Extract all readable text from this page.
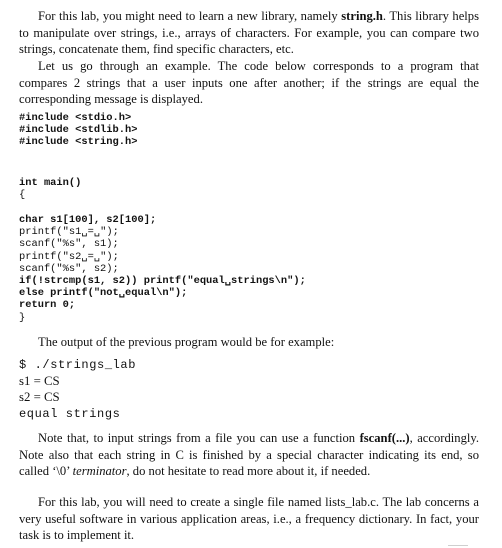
For this lab, you might need to learn a new library, namely string.h. This library helps to manipulate over strings, i.e., arrays of characters. For example, you can compare two strings, concatenate them, find specific characters, etc.

Let us go through an example. The code below corresponds to a program that compares 2 strings that a user inputs one after another; if the strings are equal the corresponding message is displayed.

#include <stdio.h>
#include <stdlib.h>
#include <string.h>
int main()
{
char s1[100], s2[100];
printf("s1␣=␣");
scanf("%s", s1);
printf("s2␣=␣");
scanf("%s", s2);
if(!strcmp(s1, s2)) printf("equal␣strings\n");
else printf("not␣equal\n");
return 0;
}

The output of the previous program would be for example:

$ ./strings_lab
s1 = CS
s2 = CS
equal strings

Note that, to input strings from a file you can use a function fscanf(...), accordingly. Note also that each string in C is finished by a special character indicating its end, so called ‘\0’ terminator, do not hesitate to read more about it, if needed.

For this lab, you will need to create a single file named lists_lab.c. The lab concerns a very useful software in various application areas, i.e., a frequency dictionary. In fact, your task is to implement it.
